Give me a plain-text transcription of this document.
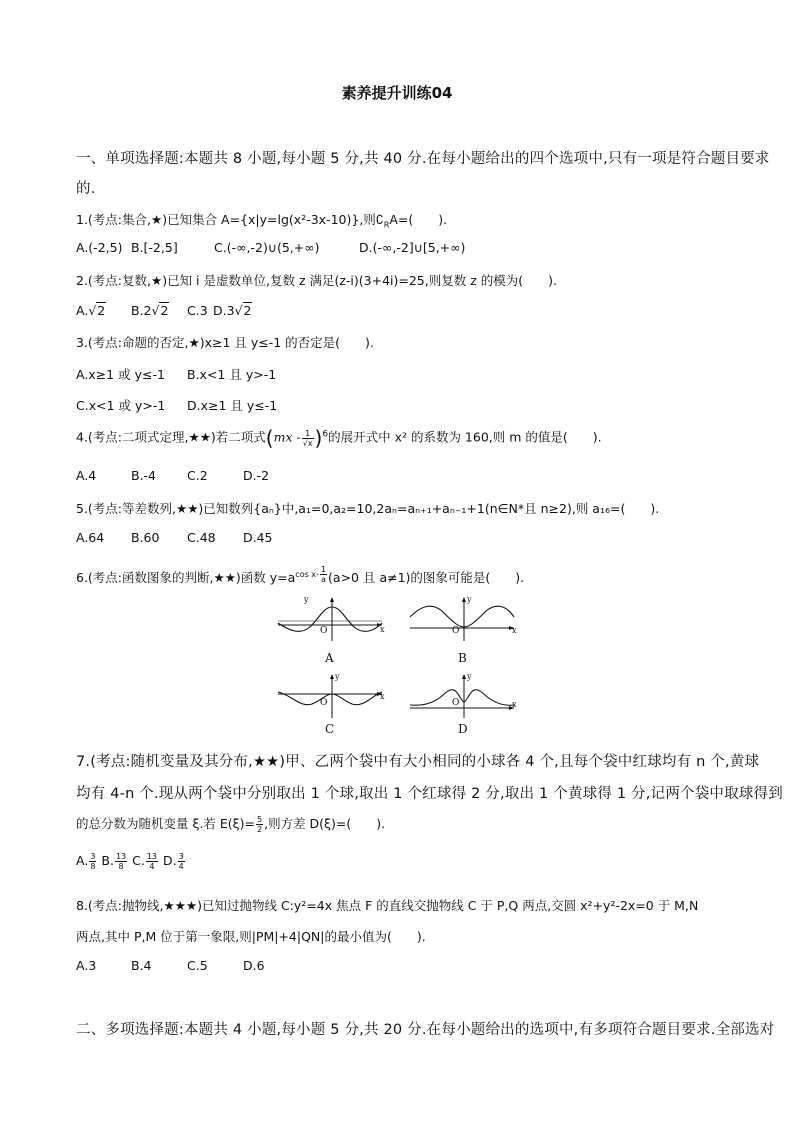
素养提升训练04
一、单项选择题:本题共 8 小题,每小题 5 分,共 40 分.在每小题给出的四个选项中,只有一项是符合题目要求
的.
1.(考点:集合,★)已知集合 A={x|y=lg(x²-3x-10)},则$∁_RA=$(　　).
A.(-2,5) B.[-2,5]	C.(-∞,-2)∪(5,+∞)	D.(-∞,-2]∪[5,+∞)
2.(考点:复数,★)已知 i 是虚数单位,复数 z 满足(z-i)(3+4i)=25,则复数 z 的模为(　　).
A.√2 B.2√2 C.3 D.3√2
3.(考点:命题的否定,★)x≥1 且 y≤-1 的否定是(　　).
A.x≥1 或 y≤-1 B.x<1 且 y>-1
C.x<1 或 y>-1 D.x≥1 且 y≤-1
4.(考点:二项式定理,★★)若二项式$(mx - \frac{1}{√x} )^6$的展开式中 x² 的系数为 160,则 m 的值是(　　).
A.4	B.-4 C.2	D.-2
5.(考点:等差数列,★★)已知数列{aₙ}中,a₁=0,a₂=10,2aₙ=aₙ₊₁+aₙ₋₁+1(n∈N*且 n≥2),则 a₁₆=(　　).
A.64 B.60 C.48 D.45
6.(考点:函数图象的判断,★★)函数 $y=a^{cos x- \frac{1}{a}}$ (a>0 且 a≠1)的图象可能是(　　).
y
O	x
A
y
O	x
B
y
O
x
C
y
O	x
D
7.(考点:随机变量及其分布,★★)甲、乙两个袋中有大小相同的小球各 4 个,且每个袋中红球均有 n 个,黄球
均有 4-n 个.现从两个袋中分别取出 1 个球,取出 1 个红球得 2 分,取出 1 个黄球得 1 分,记两个袋中取球得到
的总分数为随机变量 ξ.若 $E(\xi)= \frac{5}{2}$ ,则方差 D(ξ)=(　　).
A. $\frac{3}{8} B$. $\frac{13}{8} C$. $\frac{13}{4} D$. $\frac{3}{4}$
8.(考点:抛物线,★★★)已知过抛物线 C:y²=4x 焦点 F 的直线交抛物线 C 于 P,Q 两点,交圆 x²+y²-2x=0 于 M,N
两点,其中 P,M 位于第一象限,则|PM|+4|QN|的最小值为(　　).
A.3	B.4	C.5	D.6
二、多项选择题:本题共 4 小题,每小题 5 分,共 20 分.在每小题给出的选项中,有多项符合题目要求.全部选对
